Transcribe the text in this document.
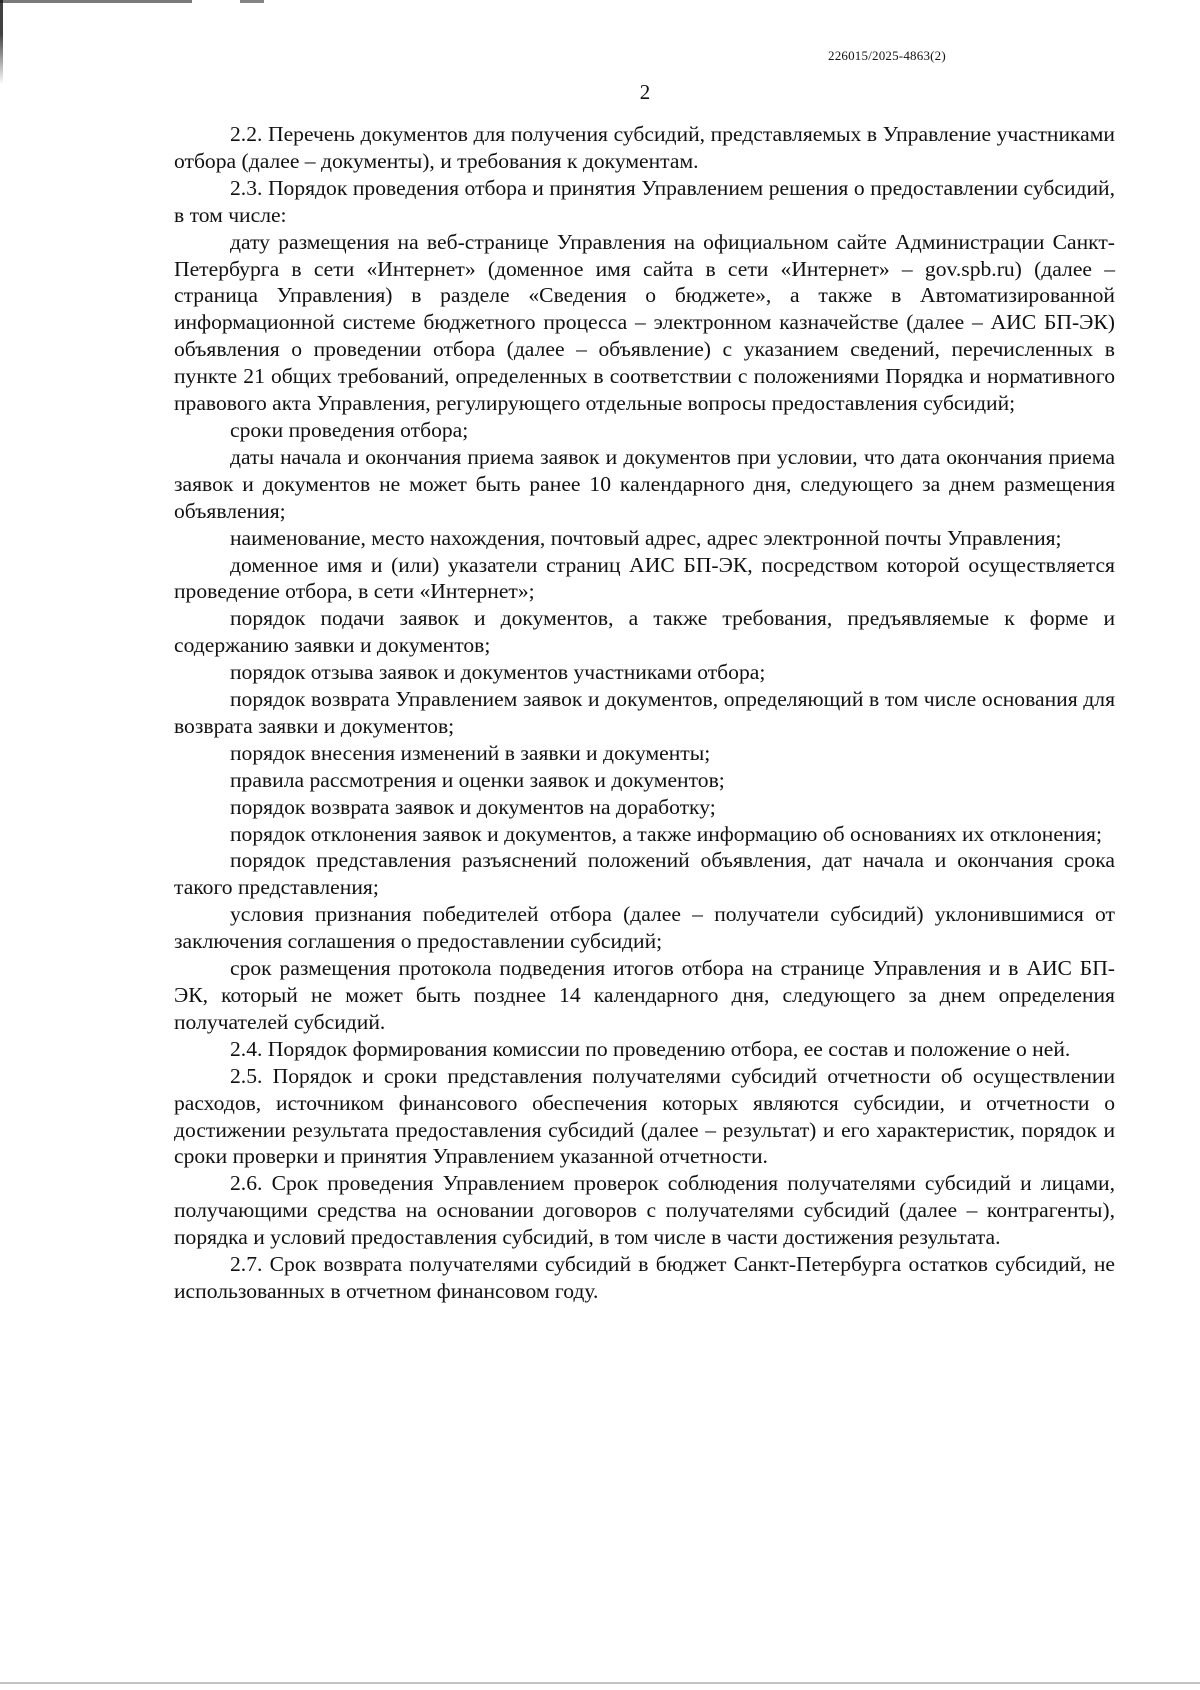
226015/2025-4863(2)
2

2.2. Перечень документов для получения субсидий, представляемых в Управление участниками отбора (далее – документы), и требования к документам.

2.3. Порядок проведения отбора и принятия Управлением решения о предоставлении субсидий, в том числе:

дату размещения на веб-странице Управления на официальном сайте Администрации Санкт-Петербурга в сети «Интернет» (доменное имя сайта в сети «Интернет» – gov.spb.ru) (далее – страница Управления) в разделе «Сведения о бюджете», а также в Автоматизированной информационной системе бюджетного процесса – электронном казначействе (далее – АИС БП-ЭК) объявления о проведении отбора (далее – объявление) с указанием сведений, перечисленных в пункте 21 общих требований, определенных в соответствии с положениями Порядка и нормативного правового акта Управления, регулирующего отдельные вопросы предоставления субсидий;

сроки проведения отбора;

даты начала и окончания приема заявок и документов при условии, что дата окончания приема заявок и документов не может быть ранее 10 календарного дня, следующего за днем размещения объявления;

наименование, место нахождения, почтовый адрес, адрес электронной почты Управления;

доменное имя и (или) указатели страниц АИС БП-ЭК, посредством которой осуществляется проведение отбора, в сети «Интернет»;

порядок подачи заявок и документов, а также требования, предъявляемые к форме и содержанию заявки и документов;

порядок отзыва заявок и документов участниками отбора;

порядок возврата Управлением заявок и документов, определяющий в том числе основания для возврата заявки и документов;

порядок внесения изменений в заявки и документы;

правила рассмотрения и оценки заявок и документов;

порядок возврата заявок и документов на доработку;

порядок отклонения заявок и документов, а также информацию об основаниях их отклонения;

порядок представления разъяснений положений объявления, дат начала и окончания срока такого представления;

условия признания победителей отбора (далее – получатели субсидий) уклонившимися от заключения соглашения о предоставлении субсидий;

срок размещения протокола подведения итогов отбора на странице Управления и в АИС БП-ЭК, который не может быть позднее 14 календарного дня, следующего за днем определения получателей субсидий.

2.4. Порядок формирования комиссии по проведению отбора, ее состав и положение о ней.

2.5. Порядок и сроки представления получателями субсидий отчетности об осуществлении расходов, источником финансового обеспечения которых являются субсидии, и отчетности о достижении результата предоставления субсидий (далее – результат) и его характеристик, порядок и сроки проверки и принятия Управлением указанной отчетности.

2.6. Срок проведения Управлением проверок соблюдения получателями субсидий и лицами, получающими средства на основании договоров с получателями субсидий (далее – контрагенты), порядка и условий предоставления субсидий, в том числе в части достижения результата.

2.7. Срок возврата получателями субсидий в бюджет Санкт-Петербурга остатков субсидий, не использованных в отчетном финансовом году.
